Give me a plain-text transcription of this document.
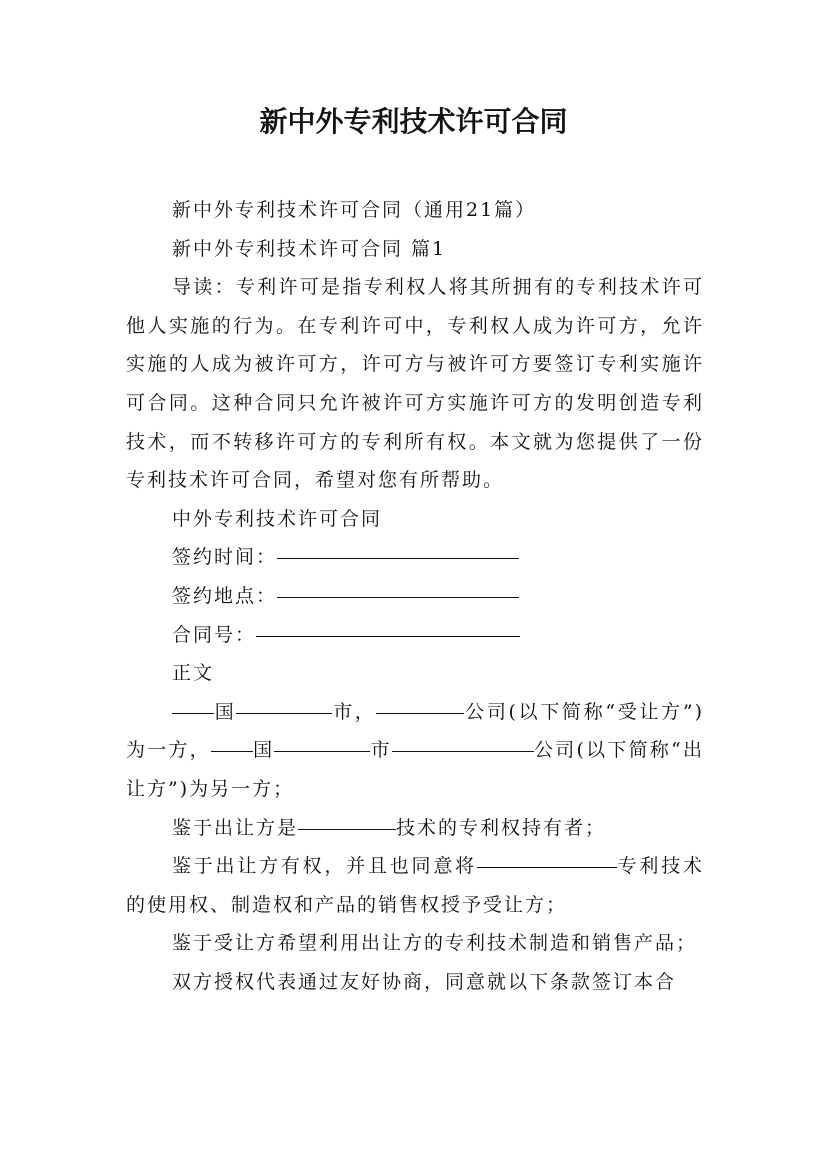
新中外专利技术许可合同

新中外专利技术许可合同（通用21篇）

新中外专利技术许可合同 篇1

导读：专利许可是指专利权人将其所拥有的专利技术许可他人实施的行为。在专利许可中，专利权人成为许可方，允许实施的人成为被许可方，许可方与被许可方要签订专利实施许可合同。这种合同只允许被许可方实施许可方的发明创造专利技术，而不转移许可方的专利所有权。本文就为您提供了一份专利技术许可合同，希望对您有所帮助。

中外专利技术许可合同

签约时间：

签约地点：

合同号：

正文

国	市，	公司(以下简称“受让方”)为一方， 国	市	公司(以下简称“出让方”)为另一方；

鉴于出让方是	技术的专利权持有者；

鉴于出让方有权，并且也同意将	专利技术的使用权、制造权和产品的销售权授予受让方；

鉴于受让方希望利用出让方的专利技术制造和销售产品；

双方授权代表通过友好协商，同意就以下条款签订本合
